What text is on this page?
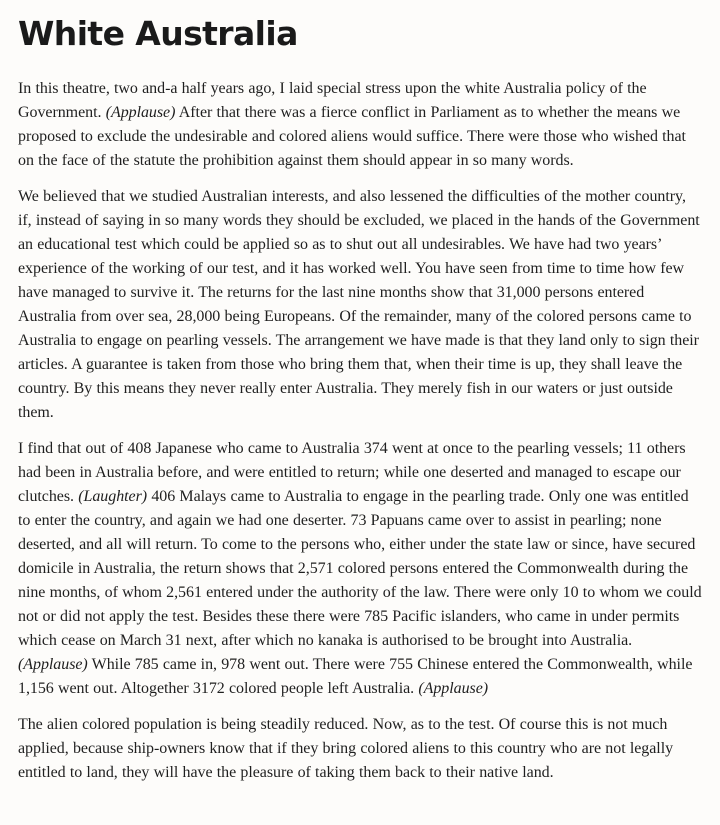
White Australia

In this theatre, two and-a half years ago, I laid special stress upon the white Australia policy of the Government. (Applause) After that there was a fierce conflict in Parliament as to whether the means we proposed to exclude the undesirable and colored aliens would suffice. There were those who wished that on the face of the statute the prohibition against them should appear in so many words.

We believed that we studied Australian interests, and also lessened the difficulties of the mother country, if, instead of saying in so many words they should be excluded, we placed in the hands of the Government an educational test which could be applied so as to shut out all undesirables. We have had two years’ experience of the working of our test, and it has worked well. You have seen from time to time how few have managed to survive it. The returns for the last nine months show that 31,000 persons entered Australia from over sea, 28,000 being Europeans. Of the remainder, many of the colored persons came to Australia to engage on pearling vessels. The arrangement we have made is that they land only to sign their articles. A guarantee is taken from those who bring them that, when their time is up, they shall leave the country. By this means they never really enter Australia. They merely fish in our waters or just outside them.

I find that out of 408 Japanese who came to Australia 374 went at once to the pearling vessels; 11 others had been in Australia before, and were entitled to return; while one deserted and managed to escape our clutches. (Laughter) 406 Malays came to Australia to engage in the pearling trade. Only one was entitled to enter the country, and again we had one deserter. 73 Papuans came over to assist in pearling; none deserted, and all will return. To come to the persons who, either under the state law or since, have secured domicile in Australia, the return shows that 2,571 colored persons entered the Commonwealth during the nine months, of whom 2,561 entered under the authority of the law. There were only 10 to whom we could not or did not apply the test. Besides these there were 785 Pacific islanders, who came in under permits which cease on March 31 next, after which no kanaka is authorised to be brought into Australia. (Applause) While 785 came in, 978 went out. There were 755 Chinese entered the Commonwealth, while 1,156 went out. Altogether 3172 colored people left Australia. (Applause)

The alien colored population is being steadily reduced. Now, as to the test. Of course this is not much applied, because ship-owners know that if they bring colored aliens to this country who are not legally entitled to land, they will have the pleasure of taking them back to their native land.
